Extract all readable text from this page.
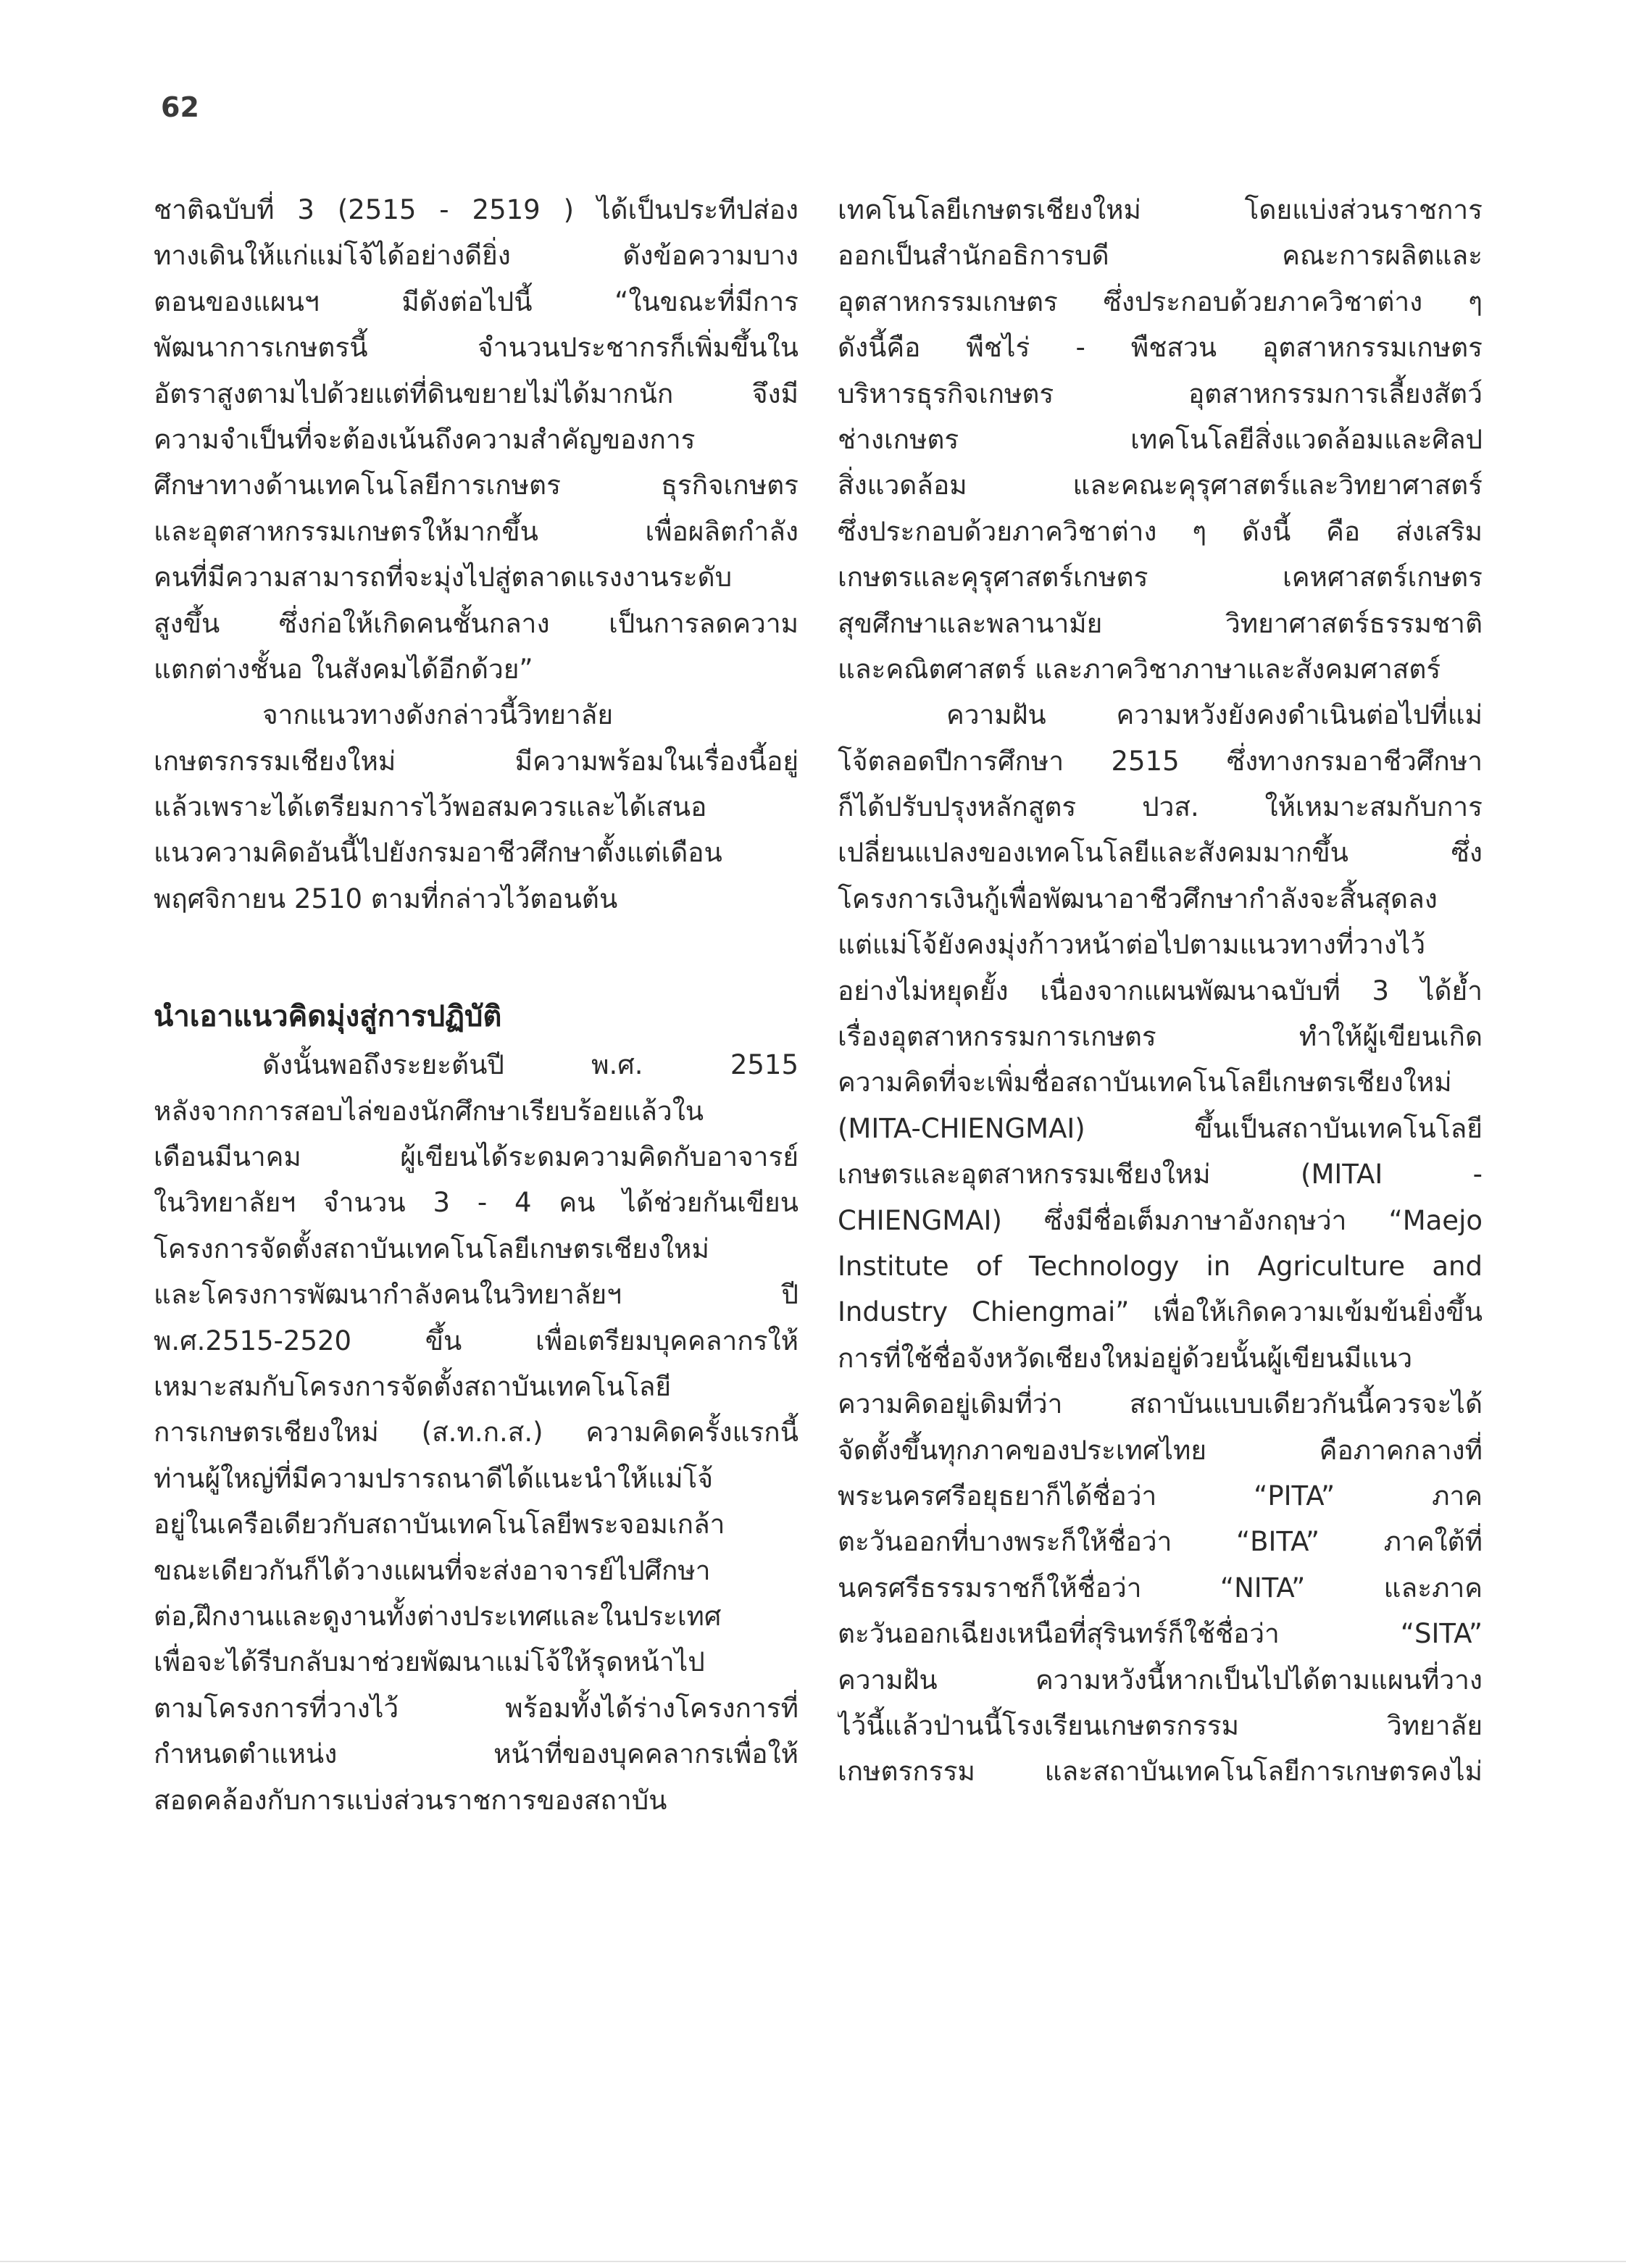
62
ชาติฉบับที่ 3 (2515 - 2519 ) ได้เป็นประทีปส่อง
ทางเดินให้แก่แม่โจ้ได้อย่างดียิ่ง ดังข้อความบาง
ตอนของแผนฯ มีดังต่อไปนี้ “ในขณะที่มีการ
พัฒนาการเกษตรนี้ จำนวนประชากรก็เพิ่มขึ้นใน
อัตราสูงตามไปด้วยแต่ที่ดินขยายไม่ได้มากนัก จึงมี
ความจำเป็นที่จะต้องเน้นถึงความสำคัญของการ
ศึกษาทางด้านเทคโนโลยีการเกษตร ธุรกิจเกษตร
และอุตสาหกรรมเกษตรให้มากขึ้น เพื่อผลิตกำลัง
คนที่มีความสามารถที่จะมุ่งไปสู่ตลาดแรงงานระดับ
สูงขึ้น ซึ่งก่อให้เกิดคนชั้นกลาง เป็นการลดความ
แตกต่างชั้นอ ในสังคมได้อีกด้วย”
จากแนวทางดังกล่าวนี้วิทยาลัย
เกษตรกรรมเชียงใหม่ มีความพร้อมในเรื่องนี้อยู่
แล้วเพราะได้เตรียมการไว้พอสมควรและได้เสนอ
แนวความคิดอันนี้ไปยังกรมอาชีวศึกษาตั้งแต่เดือน
พฤศจิกายน 2510 ตามที่กล่าวไว้ตอนต้น
นำเอาแนวคิดมุ่งสู่การปฏิบัติ
ดังนั้นพอถึงระยะต้นปี พ.ศ. 2515
หลังจากการสอบไล่ของนักศึกษาเรียบร้อยแล้วใน
เดือนมีนาคม ผู้เขียนได้ระดมความคิดกับอาจารย์
ในวิทยาลัยฯ จำนวน 3 - 4 คน ได้ช่วยกันเขียน
โครงการจัดตั้งสถาบันเทคโนโลยีเกษตรเชียงใหม่
และโครงการพัฒนากำลังคนในวิทยาลัยฯ ปี
พ.ศ.2515-2520 ขึ้น เพื่อเตรียมบุคคลากรให้
เหมาะสมกับโครงการจัดตั้งสถาบันเทคโนโลยี
การเกษตรเชียงใหม่ (ส.ท.ก.ส.) ความคิดครั้งแรกนี้
ท่านผู้ใหญ่ที่มีความปรารถนาดีได้แนะนำให้แม่โจ้
อยู่ในเครือเดียวกับสถาบันเทคโนโลยีพระจอมเกล้า
ขณะเดียวกันก็ได้วางแผนที่จะส่งอาจารย์ไปศึกษา
ต่อ,ฝึกงานและดูงานทั้งต่างประเทศและในประเทศ
เพื่อจะได้รีบกลับมาช่วยพัฒนาแม่โจ้ให้รุดหน้าไป
ตามโครงการที่วางไว้ พร้อมทั้งได้ร่างโครงการที่
กำหนดตำแหน่ง หน้าที่ของบุคคลากรเพื่อให้
สอดคล้องกับการแบ่งส่วนราชการของสถาบัน
เทคโนโลยีเกษตรเชียงใหม่ โดยแบ่งส่วนราชการ
ออกเป็นสำนักอธิการบดี คณะการผลิตและ
อุตสาหกรรมเกษตร ซึ่งประกอบด้วยภาควิชาต่าง ๆ
ดังนี้คือ พืชไร่ - พืชสวน อุตสาหกรรมเกษตร
บริหารธุรกิจเกษตร อุตสาหกรรมการเลี้ยงสัตว์
ช่างเกษตร เทคโนโลยีสิ่งแวดล้อมและศิลป
สิ่งแวดล้อม และคณะคุรุศาสตร์และวิทยาศาสตร์
ซึ่งประกอบด้วยภาควิชาต่าง ๆ ดังนี้ คือ ส่งเสริม
เกษตรและคุรุศาสตร์เกษตร เคหศาสตร์เกษตร
สุขศึกษาและพลานามัย วิทยาศาสตร์ธรรมชาติ
และคณิตศาสตร์ และภาควิชาภาษาและสังคมศาสตร์
ความฝัน ความหวังยังคงดำเนินต่อไปที่แม่
โจ้ตลอดปีการศึกษา 2515 ซึ่งทางกรมอาชีวศึกษา
ก็ได้ปรับปรุงหลักสูตร ปวส. ให้เหมาะสมกับการ
เปลี่ยนแปลงของเทคโนโลยีและสังคมมากขึ้น ซึ่ง
โครงการเงินกู้เพื่อพัฒนาอาชีวศึกษากำลังจะสิ้นสุดลง
แต่แม่โจ้ยังคงมุ่งก้าวหน้าต่อไปตามแนวทางที่วางไว้
อย่างไม่หยุดยั้ง เนื่องจากแผนพัฒนาฉบับที่ 3 ได้ย้ำ
เรื่องอุตสาหกรรมการเกษตร ทำให้ผู้เขียนเกิด
ความคิดที่จะเพิ่มชื่อสถาบันเทคโนโลยีเกษตรเชียงใหม่
(MITA-CHIENGMAI) ขึ้นเป็นสถาบันเทคโนโลยี
เกษตรและอุตสาหกรรมเชียงใหม่ (MITAI -
CHIENGMAI) ซึ่งมีชื่อเต็มภาษาอังกฤษว่า “Maejo
Institute of Technology in Agriculture and
Industry Chiengmai” เพื่อให้เกิดความเข้มข้นยิ่งขึ้น
การที่ใช้ชื่อจังหวัดเชียงใหม่อยู่ด้วยนั้นผู้เขียนมีแนว
ความคิดอยู่เดิมที่ว่า สถาบันแบบเดียวกันนี้ควรจะได้
จัดตั้งขึ้นทุกภาคของประเทศไทย คือภาคกลางที่
พระนครศรีอยุธยาก็ได้ชื่อว่า “PITA” ภาค
ตะวันออกที่บางพระก็ให้ชื่อว่า “BITA” ภาคใต้ที่
นครศรีธรรมราชก็ให้ชื่อว่า “NITA” และภาค
ตะวันออกเฉียงเหนือที่สุรินทร์ก็ใช้ชื่อว่า “SITA”
ความฝัน ความหวังนี้หากเป็นไปได้ตามแผนที่วาง
ไว้นี้แล้วป่านนี้โรงเรียนเกษตรกรรม วิทยาลัย
เกษตรกรรม และสถาบันเทคโนโลยีการเกษตรคงไม่
